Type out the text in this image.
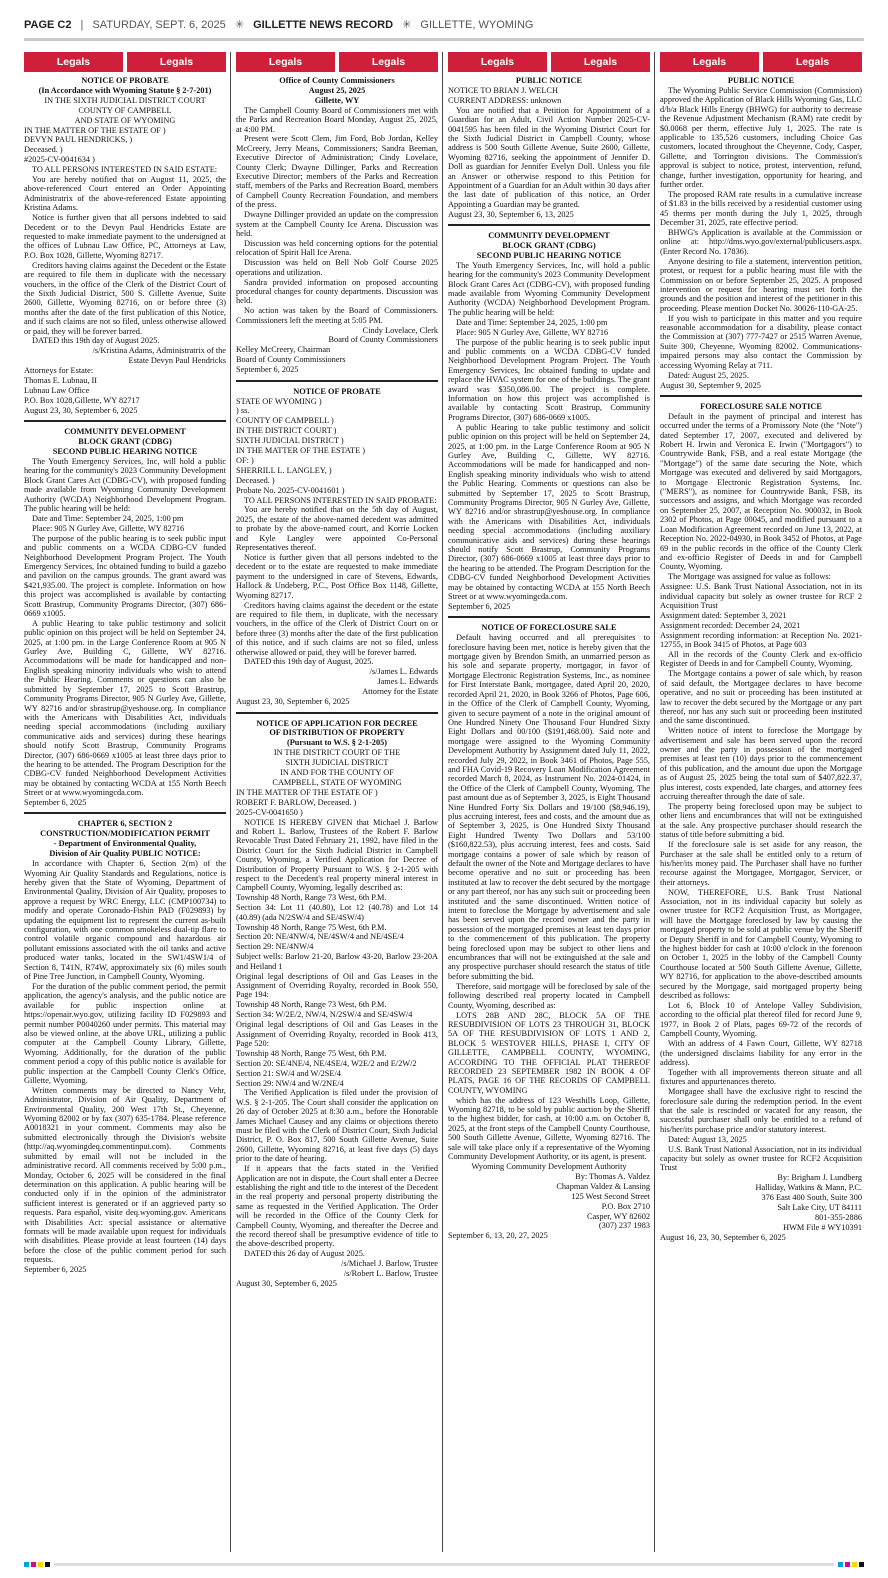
PAGE C2 | SATURDAY, SEPT. 6, 2025 ✳ GILLETTE NEWS RECORD ✳ GILLETTE, WYOMING
Legals	Legals

NOTICE OF PROBATE

(In Accordance with Wyoming Statute § 2-7-201)

IN THE SIXTH JUDICIAL DISTRICT COURT

COUNTY OF CAMPBELL

AND STATE OF WYOMING

IN THE MATTER OF THE ESTATE OF )

DEVYN PAUL HENDRICKS, )

Deceased. )

#2025-CV-0041634 )

TO ALL PERSONS INTERESTED IN SAID ESTATE:

You are hereby notified that on August 11, 2025, the above-referenced Court entered an Order Appointing Administratrix of the above-referenced Estate appointing Kristina Adams.

Notice is further given that all persons indebted to said Decedent or to the Devyn Paul Hendricks Estate are requested to make immediate payment to the undersigned at the offices of Lubnau Law Office, PC, Attorneys at Law, P.O. Box 1028, Gillette, Wyoming 82717.

Creditors having claims against the Decedent or the Estate are required to file them in duplicate with the necessary vouchers, in the office of the Clerk of the District Court of the Sixth Judicial District, 500 S. Gillette Avenue, Suite 2600, Gillette, Wyoming 82716, on or before three (3) months after the date of the first publication of this Notice, and if such claims are not so filed, unless otherwise allowed or paid, they will be forever barred.

DATED this 19th day of August 2025.

/s/Kristina Adams, Administratrix of the

Estate Devyn Paul Hendricks

Attorneys for Estate:

Thomas E. Lubnau, II

Lubnau Law Office

P.O. Box 1028,Gillette, WY 82717

August 23, 30, September 6, 2025

COMMUNITY DEVELOPMENT

BLOCK GRANT (CDBG)

SECOND PUBLIC HEARING NOTICE

The Youth Emergency Services, Inc, will hold a public hearing for the community's 2023 Community Development Block Grant Cares Act (CDBG-CV), with proposed funding made available from Wyoming Community Development Authority (WCDA) Neighborhood Development Program. The public hearing will be held:

Date and Time: September 24, 2025, 1:00 pm

Place: 905 N Gurley Ave, Gillette, WY 82716

The purpose of the public hearing is to seek public input and public comments on a WCDA CDBG-CV funded Neighborhood Development Program Project. The Youth Emergency Services, Inc obtained funding to build a gazebo and pavilion on the campus grounds. The grant award was $421,935.00. The project is complete. Information on how this project was accomplished is available by contacting Scott Brastrup, Community Programs Director, (307) 686-0669 x1005.

A public Hearing to take public testimony and solicit public opinion on this project will be held on September 24, 2025, at 1:00 pm. in the Large Conference Room at 905 N Gurley Ave, Building C, Gillette, WY 82716. Accommodations will be made for handicapped and non-English speaking minority individuals who wish to attend the Public Hearing. Comments or questions can also be submitted by September 17, 2025 to Scott Brastrup, Community Programs Director, 905 N Gurley Ave, Gillette, WY 82716 and/or sbrastrup@yeshouse.org. In compliance with the Americans with Disabilities Act, individuals needing special accommodations (including auxiliary communicative aids and services) during these hearings should notify Scott Brastrup, Community Programs Director, (307) 686-0669 x1005 at least three days prior to the hearing to be attended. The Program Description for the CDBG-CV funded Neighborhood Development Activities may be obtained by contacting WCDA at 155 North Beech Street or at www.wyomingcda.com.

September 6, 2025

CHAPTER 6, SECTION 2

CONSTRUCTION/MODIFICATION PERMIT

- Department of Environmental Quality,

Division of Air Quality PUBLIC NOTICE:

In accordance with Chapter 6, Section 2(m) of the Wyoming Air Quality Standards and Regulations, notice is hereby given that the State of Wyoming, Department of Environmental Quality, Division of Air Quality, proposes to approve a request by WRC Energy, LLC (CMP100734) to modify and operate Coronado-Fishin PAD (F029893) by updating the equipment list to represent the current as-built configuration, with one common smokeless dual-tip flare to control volatile organic compound and hazardous air pollutant emissions associated with the oil tanks and active produced water tanks, located in the SW1/4SW1/4 of Section 8, T41N, R74W, approximately six (6) miles south of Pine Tree Junction, in Campbell County, Wyoming.

For the duration of the public comment period, the permit application, the agency's analysis, and the public notice are available for public inspection online at https://openair.wyo.gov, utilizing facility ID F029893 and permit number P0040260 under permits. This material may also be viewed online, at the above URL, utilizing a public computer at the Campbell County Library, Gillette, Wyoming. Additionally, for the duration of the public comment period a copy of this public notice is available for public inspection at the Campbell County Clerk's Office, Gillette, Wyoming.

Written comments may be directed to Nancy Vehr, Administrator, Division of Air Quality, Department of Environmental Quality, 200 West 17th St., Cheyenne, Wyoming 82002 or by fax (307) 635-1784. Please reference A0018321 in your comment. Comments may also be submitted electronically through the Division's website (http://aq.wyomingdeq.commentinput.com). Comments submitted by email will not be included in the administrative record. All comments received by 5:00 p.m., Monday, October 6, 2025 will be considered in the final determination on this application. A public hearing will be conducted only if in the opinion of the administrator sufficient interest is generated or if an aggrieved party so requests. Para español, visite deq.wyoming.gov. Americans with Disabilities Act: special assistance or alternative formats will be made available upon request for individuals with disabilities. Please provide at least fourteen (14) days before the close of the public comment period for such requests.

September 6, 2025

Legals	Legals

Office of County Commissioners

August 25, 2025

Gillette, WY

The Campbell County Board of Commissioners met with the Parks and Recreation Board Monday, August 25, 2025, at 4:00 PM.

Present were Scott Clem, Jim Ford, Bob Jordan, Kelley McCreery, Jerry Means, Commissioners; Sandra Beeman, Executive Director of Administration; Cindy Lovelace, County Clerk; Dwayne Dillinger, Parks and Recreation Executive Director; members of the Parks and Recreation staff, members of the Parks and Recreation Board, members of Campbell County Recreation Foundation, and members of the press.

Dwayne Dillinger provided an update on the compression system at the Campbell County Ice Arena. Discussion was held.

Discussion was held concerning options for the potential relocation of Spirit Hall Ice Arena.

Discussion was held on Bell Nob Golf Course 2025 operations and utilization.

Sandra provided information on proposed accounting procedural changes for county departments. Discussion was held.

No action was taken by the Board of Commissioners. Commissioners left the meeting at 5:05 PM.

Cindy Lovelace, Clerk

Board of County Commissioners

Kelley McCreery, Chairman

Board of County Commissioners

September 6, 2025

NOTICE OF PROBATE

STATE OF WYOMING )

) ss.

COUNTY OF CAMPBELL )

IN THE DISTRICT COURT )

SIXTH JUDICIAL DISTRICT )

IN THE MATTER OF THE ESTATE )

OF: )

SHERRILL L. LANGLEY, )

Deceased. )

Probate No. 2025-CV-0041601 )

TO ALL PERSONS INTERESTED IN SAID PROBATE:

You are hereby notified that on the 5th day of August, 2025, the estate of the above-named decedent was admitted to probate by the above-named court, and Korrie Locken and Kyle Langley were appointed Co-Personal Representatives thereof.

Notice is further given that all persons indebted to the decedent or to the estate are requested to make immediate payment to the undersigned in care of Stevens, Edwards, Hallock & Undeberg, P.C., Post Office Box 1148, Gillette, Wyoming 82717.

Creditors having claims against the decedent or the estate are required to file them, in duplicate, with the necessary vouchers, in the office of the Clerk of District Court on or before three (3) months after the date of the first publication of this notice, and if such claims are not so filed, unless otherwise allowed or paid, they will be forever barred.

DATED this 19th day of August, 2025.

/s/James L. Edwards

James L. Edwards

Attorney for the Estate

August 23, 30, September 6, 2025

NOTICE OF APPLICATION FOR DECREE

OF DISTRIBUTION OF PROPERTY

(Pursuant to W.S. § 2-1-205)

IN THE DISTRICT COURT OF THE

SIXTH JUDICIAL DISTRICT

IN AND FOR THE COUNTY OF

CAMPBELL, STATE OF WYOMING

IN THE MATTER OF THE ESTATE OF )

ROBERT F. BARLOW, Deceased. )

2025-CV-0041650 )

NOTICE IS HEREBY GIVEN that Michael J. Barlow and Robert L. Barlow, Trustees of the Robert F. Barlow Revocable Trust Dated February 21, 1992, have filed in the District Court for the Sixth Judicial District in Campbell County, Wyoming, a Verified Application for Decree of Distribution of Property Pursuant to W.S. § 2-1-205 with respect to the Decedent's real property mineral interest in Campbell County, Wyoming, legally described as:

Township 48 North, Range 73 West, 6th P.M.

Section 34: Lot 11 (40.80), Lot 12 (40.78) and Lot 14 (40.89) (ada N/2SW/4 and SE/4SW/4)

Township 48 North, Range 75 West, 6th P.M.

Section 20: NE/4NW/4, NE/4SW/4 and NE/4SE/4

Section 29: NE/4NW/4

Subject wells: Barlow 21-20, Barlow 43-20, Barlow 23-20A and Heiland 1

Original legal descriptions of Oil and Gas Leases in the Assignment of Overriding Royalty, recorded in Book 550, Page 194:

Township 48 North, Range 73 West, 6th P.M.

Section 34: W/2E/2, NW/4, N/2SW/4 and SE/4SW/4

Original legal descriptions of Oil and Gas Leases in the Assignment of Overriding Royalty, recorded in Book 413, Page 520:

Township 48 North, Range 75 West, 6th P.M.

Section 20: SE/4NE/4, NE/4SE/4, W2E/2 and E/2W/2

Section 21: SW/4 and W/2SE/4

Section 29: NW/4 and W/2NE/4

The Verified Application is filed under the provision of W.S. § 2-1-205. The Court shall consider the application on 26 day of October 2025 at 8:30 a.m., before the Honorable James Michael Causey and any claims or objections thereto must be filed with the Clerk of District Court, Sixth Judicial District, P. O. Box 817, 500 South Gillette Avenue, Suite 2600, Gillette, Wyoming 82716, at least five days (5) days prior to the date of hearing.

If it appears that the facts stated in the Verified Application are not in dispute, the Court shall enter a Decree establishing the right and title to the interest of the Decedent in the real property and personal property distributing the same as requested in the Verified Application. The Order will be recorded in the Office of the County Clerk for Campbell County, Wyoming, and thereafter the Decree and the record thereof shall be presumptive evidence of title to the above-described property.

DATED this 26 day of August 2025.

/s/Michael J. Barlow, Trustee

/s/Robert L. Barlow, Trustee

August 30, September 6, 2025

Legals	Legals

PUBLIC NOTICE

NOTICE TO BRIAN J. WELCH

CURRENT ADDRESS: unknown

You are notified that a Petition for Appointment of a Guardian for an Adult, Civil Action Number 2025-CV-0041595 has been filed in the Wyoming District Court for the Sixth Judicial District in Campbell County, whose address is 500 South Gillette Avenue, Suite 2600, Gillette, Wyoming 82716, seeking the appointment of Jennifer D. Doll as guardian for Jennifer Evelyn Doll. Unless you file an Answer or otherwise respond to this Petition for Appointment of a Guardian for an Adult within 30 days after the last date of publication of this notice, an Order Appointing a Guardian may be granted.

August 23, 30, September 6, 13, 2025

COMMUNITY DEVELOPMENT

BLOCK GRANT (CDBG)

SECOND PUBLIC HEARING NOTICE

The Youth Emergency Services, Inc, will hold a public hearing for the community's 2023 Community Development Block Grant Cares Act (CDBG-CV), with proposed funding made available from Wyoming Community Development Authority (WCDA) Neighborhood Development Program. The public hearing will be held:

Date and Time: September 24, 2025, 1:00 pm

Place: 905 N Gurley Ave, Gillette, WY 82716

The purpose of the public hearing is to seek public input and public comments on a WCDA CDBG-CV funded Neighborhood Development Program Project. The Youth Emergency Services, Inc obtained funding to update and replace the HVAC system for one of the buildings. The grant award was $350,086.00. The project is complete. Information on how this project was accomplished is available by contacting Scott Brastrup, Community Programs Director, (307) 686-0669 x1005.

A public Hearing to take public testimony and solicit public opinion on this project will be held on September 24, 2025, at 1:00 pm. in the Large Conference Room at 905 N Gurley Ave, Building C, Gillette, WY 82716. Accommodations will be made for handicapped and non-English speaking minority individuals who wish to attend the Public Hearing. Comments or questions can also be submitted by September 17, 2025 to Scott Brastrup, Community Programs Director, 905 N Gurley Ave, Gillette, WY 82716 and/or sbrastrup@yeshouse.org. In compliance with the Americans with Disabilities Act, individuals needing special accommodations (including auxiliary communicative aids and services) during these hearings should notify Scott Brastrup, Community Programs Director, (307) 686-0669 x1005 at least three days prior to the hearing to be attended. The Program Description for the CDBG-CV funded Neighborhood Development Activities may be obtained by contacting WCDA at 155 North Beech Street or at www.wyomingcda.com.

September 6, 2025

NOTICE OF FORECLOSURE SALE

Default having occurred and all prerequisites to foreclosure having been met, notice is hereby given that the mortgage given by Brendon Smith, an unmarried person as his sole and separate property, mortgagor, in favor of Mortgage Electronic Registration Systems, Inc., as nominee for First Interstate Bank, mortgagee, dated April 20, 2020, recorded April 21, 2020, in Book 3266 of Photos, Page 606, in the Office of the Clerk of Campbell County, Wyoming, given to secure payment of a note in the original amount of One Hundred Ninety One Thousand Four Hundred Sixty Eight Dollars and 00/100 ($191,468.00). Said note and mortgage were assigned to the Wyoming Community Development Authority by Assignment dated July 11, 2022, recorded July 29, 2022, in Book 3461 of Photos, Page 555, and FHA Covid-19 Recovery Loan Modification Agreement recorded March 8, 2024, as Instrument No. 2024-01424, in the Office of the Clerk of Campbell County, Wyoming. The past amount due as of September 3, 2025, is Eight Thousand Nine Hundred Forty Six Dollars and 19/100 ($8,946.19), plus accruing interest, fees and costs, and the amount due as of September 3, 2025, is One Hundred Sixty Thousand Eight Hundred Twenty Two Dollars and 53/100 ($160,822.53), plus accruing interest, fees and costs. Said mortgage contains a power of sale which by reason of default the owner of the Note and Mortgage declares to have become operative and no suit or proceeding has been instituted at law to recover the debt secured by the mortgage or any part thereof, nor has any such suit or proceeding been instituted and the same discontinued. Written notice of intent to foreclose the Mortgage by advertisement and sale has been served upon the record owner and the party in possession of the mortgaged premises at least ten days prior to the commencement of this publication. The property being foreclosed upon may be subject to other liens and encumbrances that will not be extinguished at the sale and any prospective purchaser should research the status of title before submitting the bid.

Therefore, said mortgage will be foreclosed by sale of the following described real property located in Campbell County, Wyoming, described as:

LOTS 28B AND 28C, BLOCK 5A OF THE RESUBDIVISION OF LOTS 23 THROUGH 31, BLOCK 5A OF THE RESUBDIVISION OF LOTS 1 AND 2, BLOCK 5 WESTOVER HILLS, PHASE I, CITY OF GILLETTE, CAMPBELL COUNTY, WYOMING, ACCORDING TO THE OFFICIAL PLAT THEREOF RECORDED 23 SEPTEMBER 1982 IN BOOK 4 OF PLATS, PAGE 16 OF THE RECORDS OF CAMPBELL COUNTY, WYOMING

which has the address of 123 Westhills Loop, Gillette, Wyoming 82718, to be sold by public auction by the Sheriff to the highest bidder, for cash, at 10:00 a.m. on October 8, 2025, at the front steps of the Campbell County Courthouse, 500 South Gillette Avenue, Gillette, Wyoming 82716. The sale will take place only if a representative of the Wyoming Community Development Authority, or its agent, is present.

Wyoming Community Development Authority

By: Thomas A. Valdez

Chapman Valdez & Lansing

125 West Second Street

P.O. Box 2710

Casper, WY 82602

(307) 237 1983

September 6, 13, 20, 27, 2025

Legals	Legals

PUBLIC NOTICE

The Wyoming Public Service Commission (Commission) approved the Application of Black Hills Wyoming Gas, LLC d/b/a Black Hills Energy (BHWG) for authority to decrease the Revenue Adjustment Mechanism (RAM) rate credit by $0.0068 per therm, effective July 1, 2025. The rate is applicable to 135,526 customers, including Choice Gas customers, located throughout the Cheyenne, Cody, Casper, Gillette, and Torrington divisions. The Commission's approval is subject to notice, protest, intervention, refund, change, further investigation, opportunity for hearing, and further order.

The proposed RAM rate results in a cumulative increase of $1.83 in the bills received by a residential customer using 45 therms per month during the July 1, 2025, through December 31, 2025, rate effective period.

BHWG's Application is available at the Commission or online at: http://dms.wyo.gov/external/publicusers.aspx. (Enter Record No. 17836).

Anyone desiring to file a statement, intervention petition, protest, or request for a public hearing must file with the Commission on or before September 25, 2025. A proposed intervention or request for hearing must set forth the grounds and the position and interest of the petitioner in this proceeding. Please mention Docket No. 30026-110-GA-25.

If you wish to participate in this matter and you require reasonable accommodation for a disability, please contact the Commission at (307) 777-7427 or 2515 Warren Avenue, Suite 300, Cheyenne, Wyoming 82002. Communications-impaired persons may also contact the Commission by accessing Wyoming Relay at 711.

Dated: August 25, 2025.

August 30, September 9, 2025

FORECLOSURE SALE NOTICE

Default in the payment of principal and interest has occurred under the terms of a Promissory Note (the "Note") dated September 17, 2007, executed and delivered by Robert H. Irwin and Veronica E. Irwin ("Mortgagors") to Countrywide Bank, FSB, and a real estate Mortgage (the "Mortgage") of the same date securing the Note, which Mortgage was executed and delivered by said Mortgagors, to Mortgage Electronic Registration Systems, Inc. ("MERS"), as nominee for Countrywide Bank, FSB, its successors and assigns, and which Mortgage was recorded on September 25, 2007, at Reception No. 900032, in Book 2302 of Photos, at Page 00045, and modified pursuant to a Loan Modification Agreement recorded on June 13, 2022, at Reception No. 2022-04930, in Book 3452 of Photos, at Page 69 in the public records in the office of the County Clerk and ex-officio Register of Deeds in and for Campbell County, Wyoming.

The Mortgage was assigned for value as follows:

Assignee: U.S. Bank Trust National Association, not in its individual capacity but solely as owner trustee for RCF 2 Acquisition Trust

Assignment dated: September 3, 2021

Assignment recorded: December 24, 2021

Assignment recording information: at Reception No. 2021-12755, in Book 3415 of Photos, at Page 603

All in the records of the County Clerk and ex-officio Register of Deeds in and for Campbell County, Wyoming.

The Mortgage contains a power of sale which, by reason of said default, the Mortgagee declares to have become operative, and no suit or proceeding has been instituted at law to recover the debt secured by the Mortgage or any part thereof, nor has any such suit or proceeding been instituted and the same discontinued.

Written notice of intent to foreclose the Mortgage by advertisement and sale has been served upon the record owner and the party in possession of the mortgaged premises at least ten (10) days prior to the commencement of this publication, and the amount due upon the Mortgage as of August 25, 2025 being the total sum of $407,822.37, plus interest, costs expended, late charges, and attorney fees accruing thereafter through the date of sale.

The property being foreclosed upon may be subject to other liens and encumbrances that will not be extinguished at the sale. Any prospective purchaser should research the status of title before submitting a bid.

If the foreclosure sale is set aside for any reason, the Purchaser at the sale shall be entitled only to a return of his/her/its money paid. The Purchaser shall have no further recourse against the Mortgagee, Mortgagor, Servicer, or their attorneys.

NOW, THEREFORE, U.S. Bank Trust National Association, not in its individual capacity but solely as owner trustee for RCF2 Acquisition Trust, as Mortgagee, will have the Mortgage foreclosed by law by causing the mortgaged property to be sold at public venue by the Sheriff or Deputy Sheriff in and for Campbell County, Wyoming to the highest bidder for cash at 10:00 o'clock in the forenoon on October 1, 2025 in the lobby of the Campbell County Courthouse located at 500 South Gillette Avenue, Gillette, WY 82716, for application to the above-described amounts secured by the Mortgage, said mortgaged property being described as follows:

Lot 6, Block 10 of Antelope Valley Subdivision, according to the official plat thereof filed for record June 9, 1977, in Book 2 of Plats, pages 69-72 of the records of Campbell County, Wyoming.

With an address of 4 Fawn Court, Gillette, WY 82718 (the undersigned disclaims liability for any error in the address).

Together with all improvements thereon situate and all fixtures and appurtenances thereto.

Mortgagee shall have the exclusive right to rescind the foreclosure sale during the redemption period. In the event that the sale is rescinded or vacated for any reason, the successful purchaser shall only be entitled to a refund of his/her/its purchase price and/or statutory interest.

Dated: August 13, 2025

U.S. Bank Trust National Association, not in its individual capacity but solely as owner trustee for RCF2 Acquisition Trust

By: Brigham J. Lundberg

Halliday, Watkins & Mann, P.C.

376 East 400 South, Suite 300

Salt Lake City, UT 84111

801-355-2886

HWM File # WY10391

August 16, 23, 30, September 6, 2025
